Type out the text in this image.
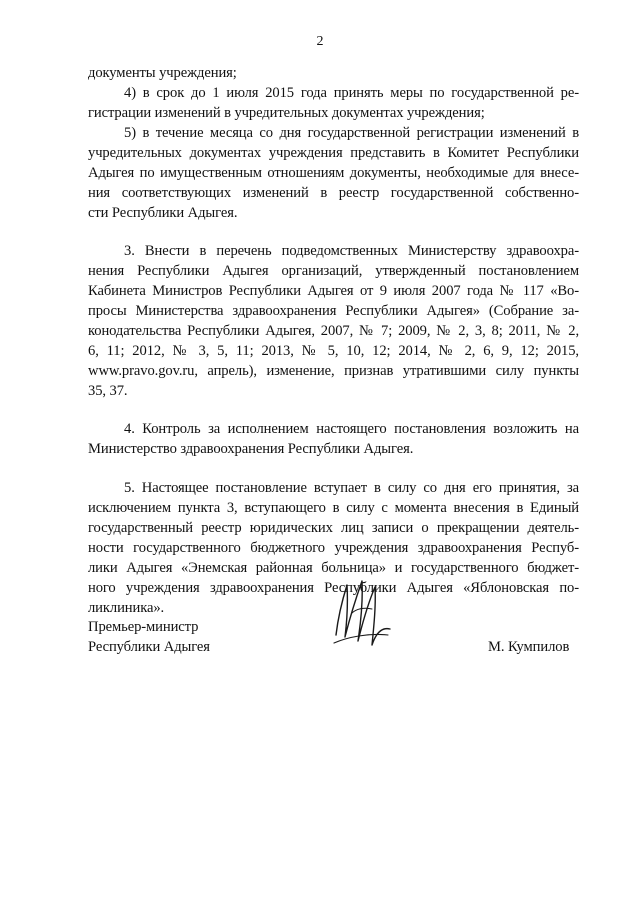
2
документы учреждения;
4) в срок до 1 июля 2015 года принять меры по государственной ре-
гистрации изменений в учредительных документах учреждения;
5) в течение месяца со дня государственной регистрации изменений в
учредительных документах учреждения представить в Комитет Республики
Адыгея по имущественным отношениям документы, необходимые для внесе-
ния соответствующих изменений в реестр государственной собственно-
сти Республики Адыгея.
3. Внести в перечень подведомственных Министерству здравоохра-
нения Республики Адыгея организаций, утвержденный постановлением
Кабинета Министров Республики Адыгея от 9 июля 2007 года № 117 «Во-
просы Министерства здравоохранения Республики Адыгея» (Собрание за-
конодательства Республики Адыгея, 2007, № 7; 2009, № 2, 3, 8; 2011, № 2,
6, 11; 2012, № 3, 5, 11; 2013, № 5, 10, 12; 2014, № 2, 6, 9, 12; 2015,
www.pravo.gov.ru, апрель), изменение, признав утратившими силу пункты
35, 37.
4. Контроль за исполнением настоящего постановления возложить на
Министерство здравоохранения Республики Адыгея.
5. Настоящее постановление вступает в силу со дня его принятия, за
исключением пункта 3, вступающего в силу с момента внесения в Единый
государственный реестр юридических лиц записи о прекращении деятель-
ности государственного бюджетного учреждения здравоохранения Респуб-
лики Адыгея «Энемская районная больница» и государственного бюджет-
ного учреждения здравоохранения Республики Адыгея «Яблоновская по-
ликлиника».
Премьер-министр
Республики Адыгея	М. Кумпилов
